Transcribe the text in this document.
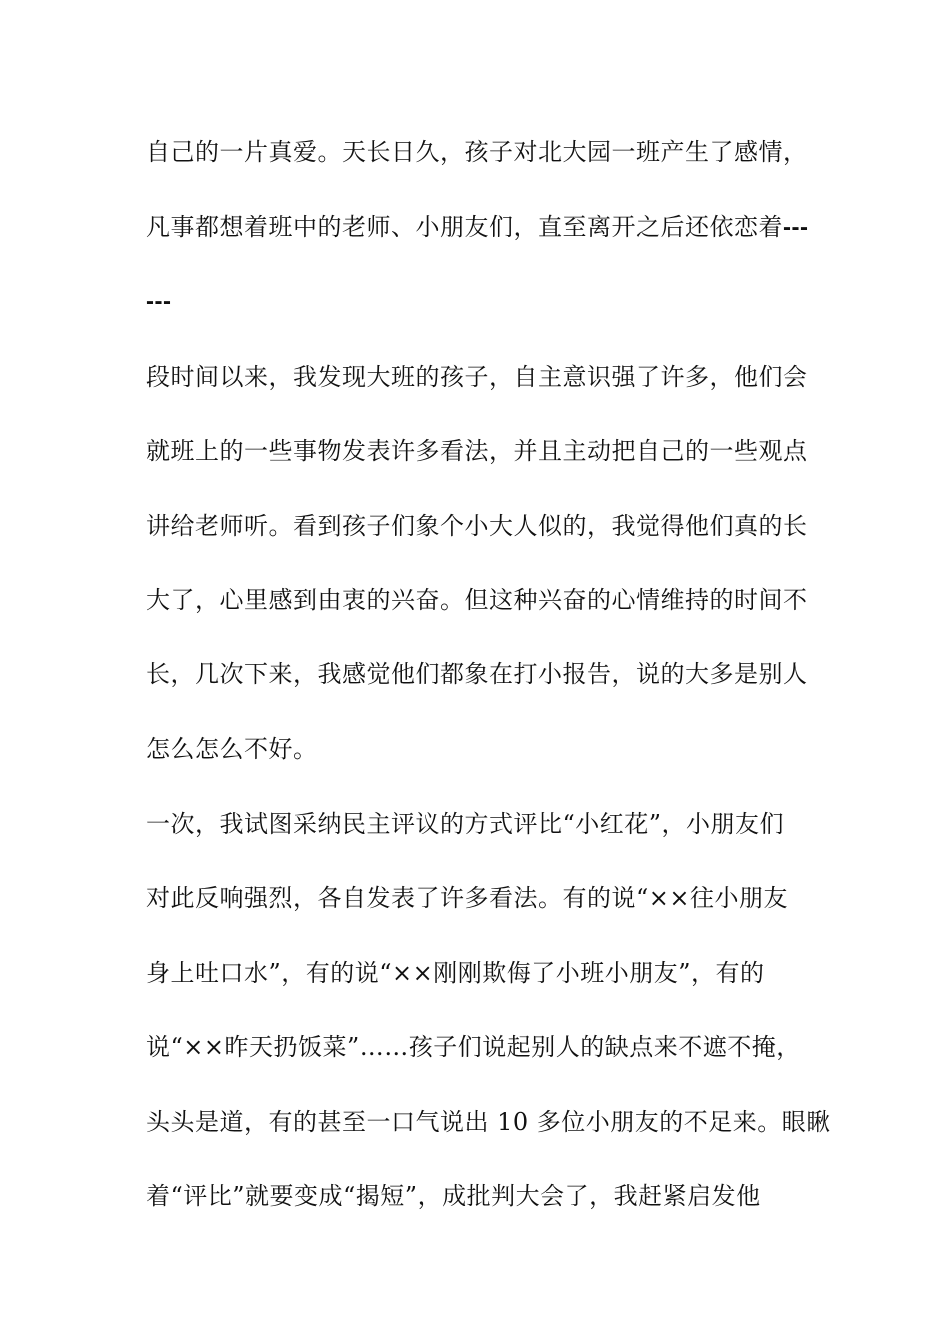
自己的一片真爱。天长日久，孩子对北大园一班产生了感情，
凡事都想着班中的老师、小朋友们，直至离开之后还依恋着---
---
段时间以来，我发现大班的孩子，自主意识强了许多，他们会
就班上的一些事物发表许多看法，并且主动把自己的一些观点
讲给老师听。看到孩子们象个小大人似的，我觉得他们真的长
大了，心里感到由衷的兴奋。但这种兴奋的心情维持的时间不
长，几次下来，我感觉他们都象在打小报告，说的大多是别人
怎么怎么不好。
一次，我试图采纳民主评议的方式评比“小红花”，小朋友们
对此反响强烈，各自发表了许多看法。有的说“××往小朋友
身上吐口水”，有的说“××刚刚欺侮了小班小朋友”，有的
说“××昨天扔饭菜”……孩子们说起别人的缺点来不遮不掩，
头头是道，有的甚至一口气说出 10 多位小朋友的不足来。眼瞅
着“评比”就要变成“揭短”，成批判大会了，我赶紧启发他
